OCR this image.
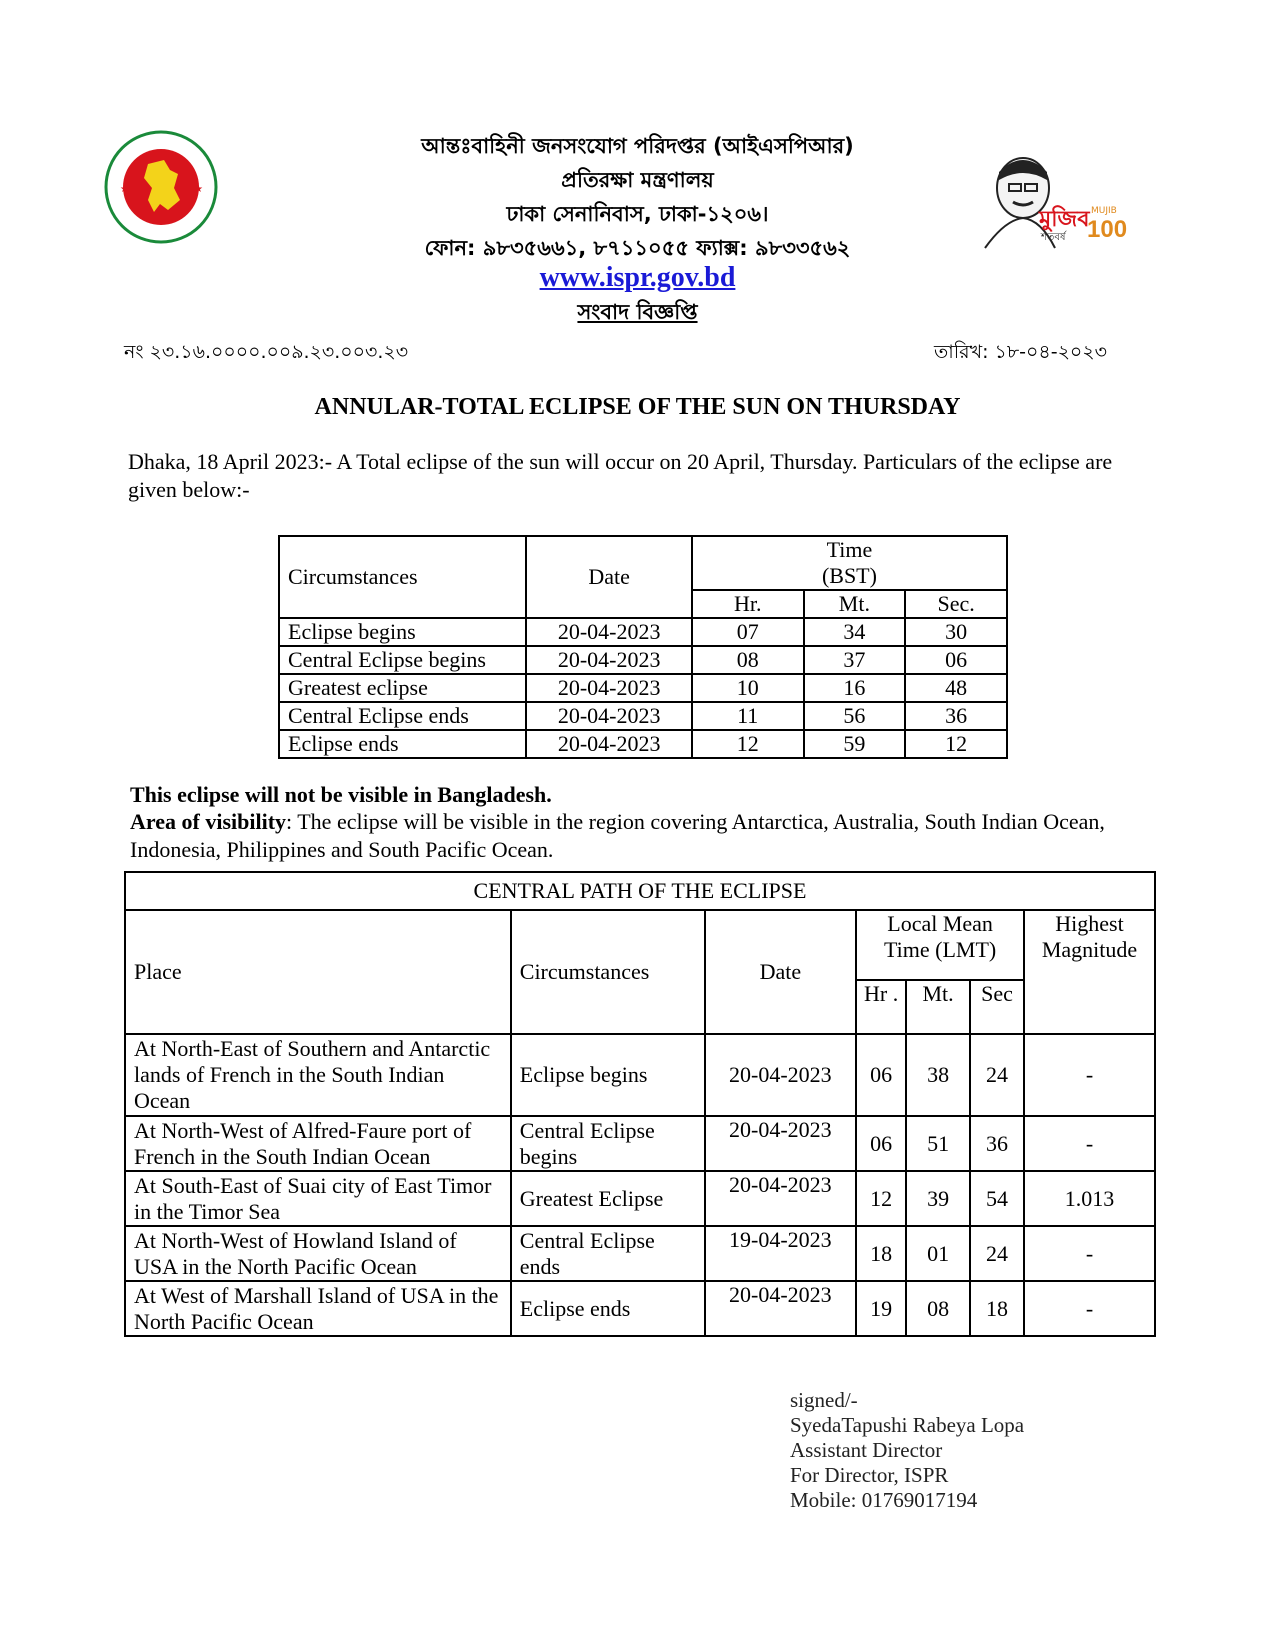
★	★
আন্তঃবাহিনী জনসংযোগ পরিদপ্তর (আইএসপিআর)
প্রতিরক্ষা মন্ত্রণালয়
ঢাকা সেনানিবাস, ঢাকা-১২০৬।
ফোন: ৯৮৩৫৬৬১, ৮৭১১০৫৫ ফ্যাক্স: ৯৮৩৩৫৬২
www.ispr.gov.bd
সংবাদ বিজ্ঞপ্তি
মুজিব
শতবর্ষ
MUJIB
100
নং ২৩.১৬.০০০০.০০৯.২৩.০০৩.২৩	তারিখ: ১৮-০৪-২০২৩
ANNULAR-TOTAL ECLIPSE OF THE SUN ON THURSDAY
Dhaka, 18 April 2023:- A Total eclipse of the sun will occur on 20 April, Thursday. Particulars of the eclipse are given below:-
Circumstances	Date	Time		
		(BST)		
		Hr.	Mt.	Sec.
Eclipse begins	20-04-2023	07	34	30
Central Eclipse begins	20-04-2023	08	37	06
Greatest eclipse	20-04-2023	10	16	48
Central Eclipse ends	20-04-2023	11	56	36
Eclipse ends	20-04-2023	12	59	12
This eclipse will not be visible in Bangladesh.
Area of visibility: The eclipse will be visible in the region covering Antarctica, Australia, South Indian Ocean, Indonesia, Philippines and South Pacific Ocean.
CENTRAL PATH OF THE ECLIPSE						
Place	Circumstances	Date	Local Mean Time (LMT)			Highest Magnitude
			Hr .	Mt.	Sec	
At North-East of Southern and Antarctic lands of French in the South Indian Ocean	Eclipse begins	20-04-2023	06	38	24	-
At North-West of Alfred-Faure port of French in the South Indian Ocean	Central Eclipse begins	20-04-2023	06	51	36	-
At South-East of Suai city of East Timor in the Timor Sea	Greatest Eclipse	20-04-2023	12	39	54	1.013
At North-West of Howland Island of USA in the North Pacific Ocean	Central Eclipse ends	19-04-2023	18	01	24	-
At West of Marshall Island of USA in the North Pacific Ocean	Eclipse ends	20-04-2023	19	08	18	-
signed/-
SyedaTapushi Rabeya Lopa
Assistant Director
For Director, ISPR
Mobile: 01769017194
